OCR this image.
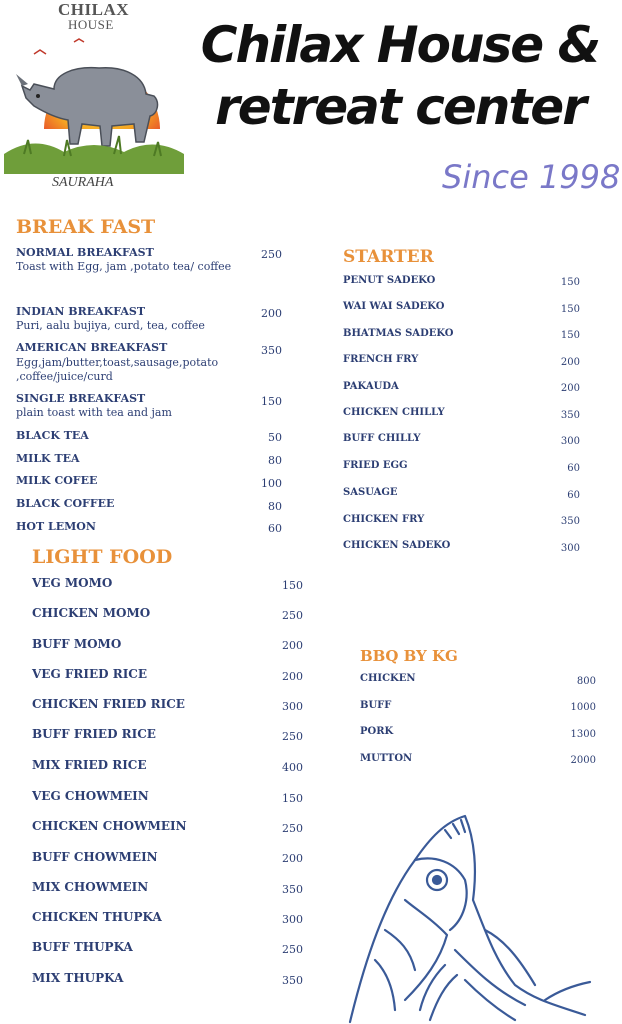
CHILAX
HOUSE
SAURAHA
Chilax House &
retreat center
Since 1998
BREAK FAST
NORMAL BREAKFAST
Toast with Egg, jam ,potato tea/ coffee
250
INDIAN BREAKFAST
Puri, aalu bujiya, curd, tea, coffee
200
AMERICAN BREAKFAST
Egg,jam/butter,toast,sausage,potato
,coffee/juice/curd
350
SINGLE BREAKFAST
plain toast with tea and jam
150
BLACK TEA	50
MILK TEA	80
MILK COFEE	100
BLACK COFFEE	80
HOT LEMON	60
LIGHT FOOD
VEG MOMO	150
CHICKEN MOMO	250
BUFF MOMO	200
VEG FRIED RICE	200
CHICKEN FRIED RICE	300
BUFF FRIED RICE	250
MIX FRIED RICE	400
VEG CHOWMEIN	150
CHICKEN CHOWMEIN	250
BUFF CHOWMEIN	200
MIX CHOWMEIN	350
CHICKEN THUPKA	300
BUFF THUPKA	250
MIX THUPKA	350
STARTER
PENUT SADEKO	150
WAI WAI SADEKO	150
BHATMAS SADEKO	150
FRENCH FRY	200
PAKAUDA	200
CHICKEN CHILLY	350
BUFF CHILLY	300
FRIED EGG	60
SASUAGE	60
CHICKEN FRY	350
CHICKEN SADEKO	300
BBQ BY KG
CHICKEN	800
BUFF	1000
PORK	1300
MUTTON	2000
